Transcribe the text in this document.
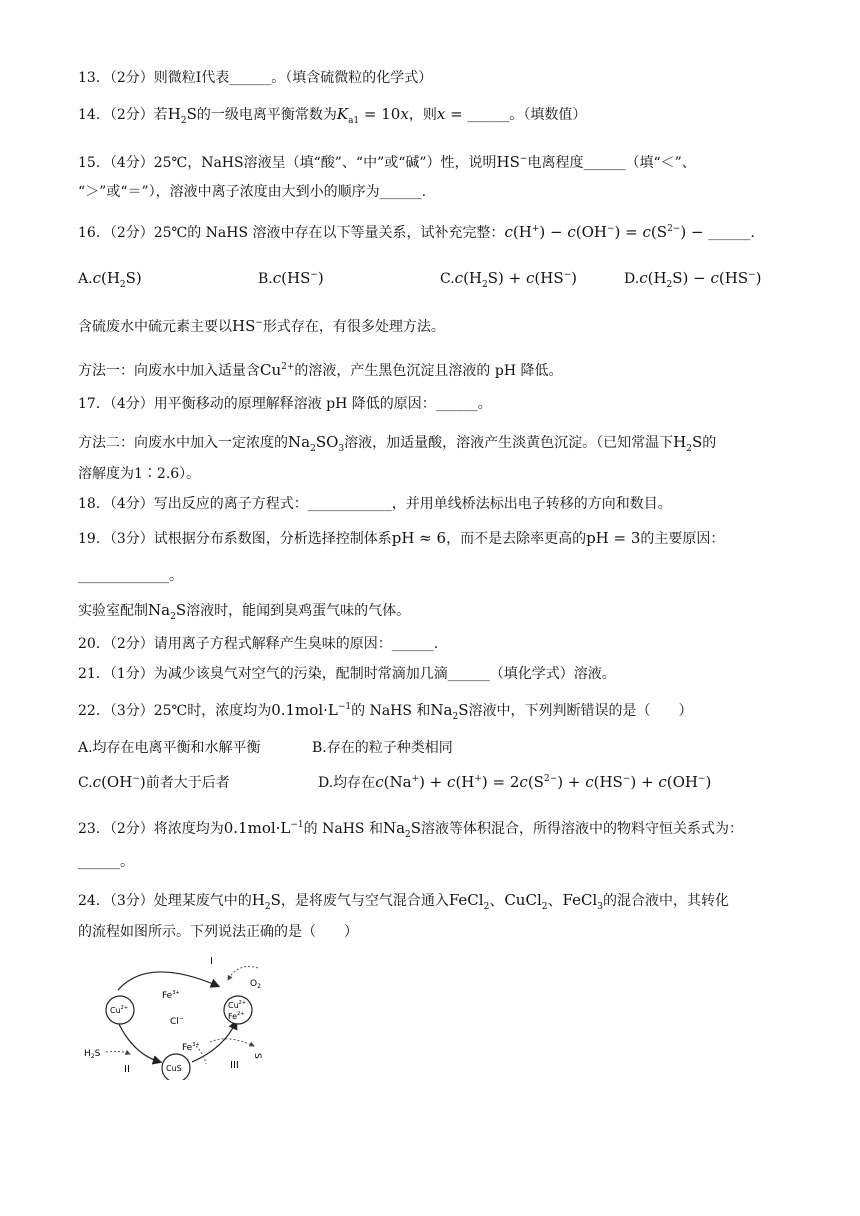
13．（2分）则微粒Ⅰ代表______。（填含硫微粒的化学式）
14．（2分）若$H_2S$的一级电离平衡常数为$K_{a1} = 10x$，则x = ______。（填数值）
15．（4分）25℃，NaHS溶液呈（填“酸”、“中”或“碱”）性，说明HS−电离程度______（填“＜”、
“＞”或“＝”），溶液中离子浓度由大到小的顺序为______.
16．（2分）25℃的 NaHS 溶液中存在以下等量关系，试补充完整：$c(H^+) - c(OH^-) = c(S^{2-})$ − ______.
$A.c(H_2S)$	B.c(HS−)	$C.c(H_2S) + c(HS^-)$	$D.c(H_2S) - c(HS^-)$
含硫废水中硫元素主要以HS−形式存在，有很多处理方法。
方法一：向废水中加入适量含$Cu^{2+}$的溶液，产生黑色沉淀且溶液的 pH 降低。
17．（4分）用平衡移动的原理解释溶液 pH 降低的原因：______。
方法二：向废水中加入一定浓度的$Na_2SO_3$溶液，加适量酸，溶液产生淡黄色沉淀。（已知常温下$H_2S$的
溶解度为1∶2.6）。
18．（4分）写出反应的离子方程式：____________，并用单线桥法标出电子转移的方向和数目。
19．（3分）试根据分布系数图，分析选择控制体系pH ≈ 6，而不是去除率更高的pH = 3的主要原因：
_____________。
实验室配制$Na_2S$溶液时，能闻到臭鸡蛋气味的气体。
20．（2分）请用离子方程式解释产生臭味的原因：______.
21．（1分）为减少该臭气对空气的污染，配制时常滴加几滴______（填化学式）溶液。
22．（3分）25℃时，浓度均为$0.1mol\cdot L^{-1}$的 NaHS 和$Na_2S$溶液中，下列判断错误的是（　　）
A.均存在电离平衡和水解平衡	B.存在的粒子种类相同
C.c(OH−)前者大于后者	D.均存在$c(Na^+) + c(H^+) = 2c(S^{2-}) + c(HS^-) + c(OH^-)$
23．（2分）将浓度均为$0.1mol\cdot L^{-1}$的 NaHS 和$Na_2S$溶液等体积混合，所得溶液中的物料守恒关系式为：
______。
24．（3分）处理某废气中的$H_2S$，是将废气与空气混合通入FeCl$_2$、CuCl$_2$、FeCl$_3$的混合液中，其转化
的流程如图所示。下列说法正确的是（　　）
I
II	III
$O_2$
$H_2S$	S
$Fe^{3+}$
Cl−
$Cu^{2+}$	$Cu^{2+}$
$Fe^{2+}$
$Fe^{3+}$
CuS
